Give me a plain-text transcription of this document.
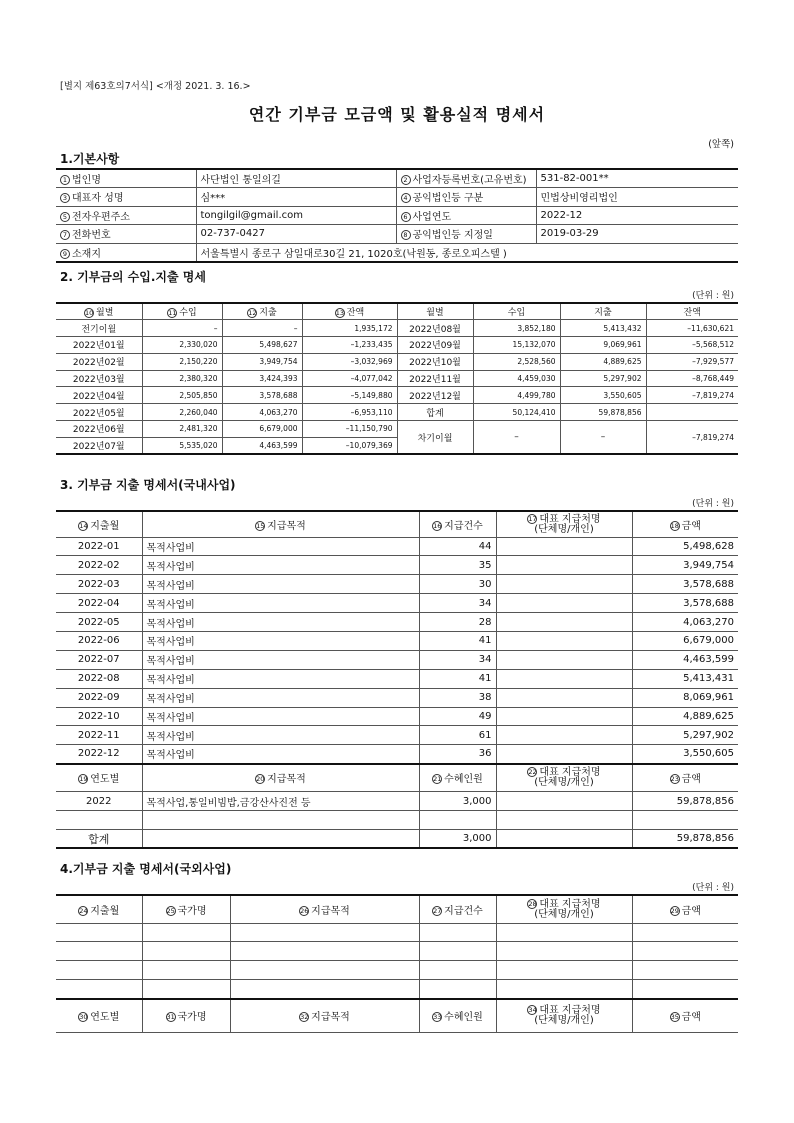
[별지 제63호의7서식] <개정 2021. 3. 16.>
연간 기부금 모금액 및 활용실적 명세서
(앞쪽)
1.기본사항
1 법인명	사단법인 통일의길	2 사업자등록번호(고유번호)	531-82-001**
3 대표자 성명	심***	4 공익법인등 구분	민법상비영리법인
5 전자우편주소	tongilgil@gmail.com	6 사업연도	2022-12
7 전화번호	02-737-0427	8 공익법인등 지정일	2019-03-29
9 소재지	서울특별시 종로구 삼일대로30길 21, 1020호(낙원동, 종로오피스텔 )		
2. 기부금의 수입.지출 명세
(단위 : 원)
10 월별	11 수입	12 지출	13 잔액	월별	수입	지출	잔액
전기이월	–	–	1,935,172	2022년08월	3,852,180	5,413,432	–11,630,621
2022년01월	2,330,020	5,498,627	–1,233,435	2022년09월	15,132,070	9,069,961	–5,568,512
2022년02월	2,150,220	3,949,754	–3,032,969	2022년10월	2,528,560	4,889,625	–7,929,577
2022년03월	2,380,320	3,424,393	–4,077,042	2022년11월	4,459,030	5,297,902	–8,768,449
2022년04월	2,505,850	3,578,688	–5,149,880	2022년12월	4,499,780	3,550,605	–7,819,274
2022년05월	2,260,040	4,063,270	–6,953,110	합계	50,124,410	59,878,856	
2022년06월	2,481,320	6,679,000	–11,150,790	차기이월	–	–	–7,819,274
2022년07월	5,535,020	4,463,599	–10,079,369				
3. 기부금 지출 명세서(국내사업)
(단위 : 원)
14 지출월	15 지급목적	16 지급건수	17 대표 지급처명
(단체명/개인)	18 금액
2022-01	목적사업비	44		5,498,628
2022-02	목적사업비	35		3,949,754
2022-03	목적사업비	30		3,578,688
2022-04	목적사업비	34		3,578,688
2022-05	목적사업비	28		4,063,270
2022-06	목적사업비	41		6,679,000
2022-07	목적사업비	34		4,463,599
2022-08	목적사업비	41		5,413,431
2022-09	목적사업비	38		8,069,961
2022-10	목적사업비	49		4,889,625
2022-11	목적사업비	61		5,297,902
2022-12	목적사업비	36		3,550,605
19 연도별	20 지급목적	21 수혜인원	22 대표 지급처명
(단체명/개인)	23 금액
2022	목적사업,통일비빔밥,금강산사진전 등	3,000		59,878,856

합계		3,000		59,878,856
4.기부금 지출 명세서(국외사업)
(단위 : 원)
24 지출월	25 국가명	26 지급목적	27 지급건수	28 대표 지급처명
(단체명/개인)	29 금액

30 연도별	31 국가명	32 지급목적	33 수혜인원	34 대표 지급처명
(단체명/개인)	35 금액
